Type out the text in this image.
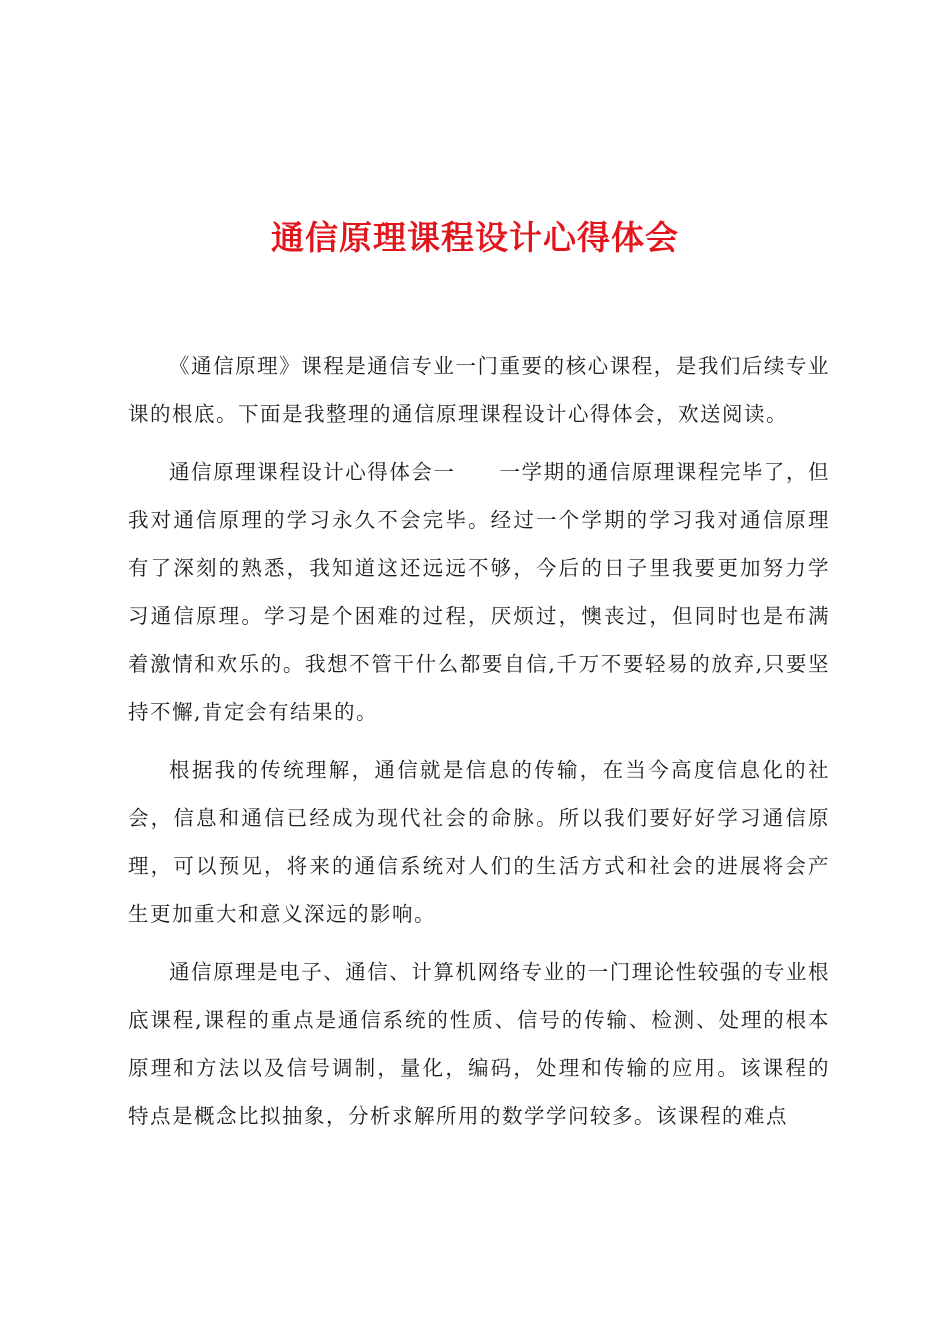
通信原理课程设计心得体会

《通信原理》课程是通信专业一门重要的核心课程，是我们后续专业课的根底。下面是我整理的通信原理课程设计心得体会，欢送阅读。

通信原理课程设计心得体会一　　一学期的通信原理课程完毕了，但我对通信原理的学习永久不会完毕。经过一个学期的学习我对通信原理有了深刻的熟悉，我知道这还远远不够，今后的日子里我要更加努力学习通信原理。学习是个困难的过程，厌烦过，懊丧过，但同时也是布满着激情和欢乐的。我想不管干什么都要自信,千万不要轻易的放弃,只要坚持不懈,肯定会有结果的。

根据我的传统理解，通信就是信息的传输，在当今高度信息化的社会，信息和通信已经成为现代社会的命脉。所以我们要好好学习通信原理，可以预见，将来的通信系统对人们的生活方式和社会的进展将会产生更加重大和意义深远的影响。

通信原理是电子、通信、计算机网络专业的一门理论性较强的专业根底课程,课程的重点是通信系统的性质、信号的传输、检测、处理的根本原理和方法以及信号调制，量化，编码，处理和传输的应用。该课程的特点是概念比拟抽象，分析求解所用的数学学问较多。该课程的难点
